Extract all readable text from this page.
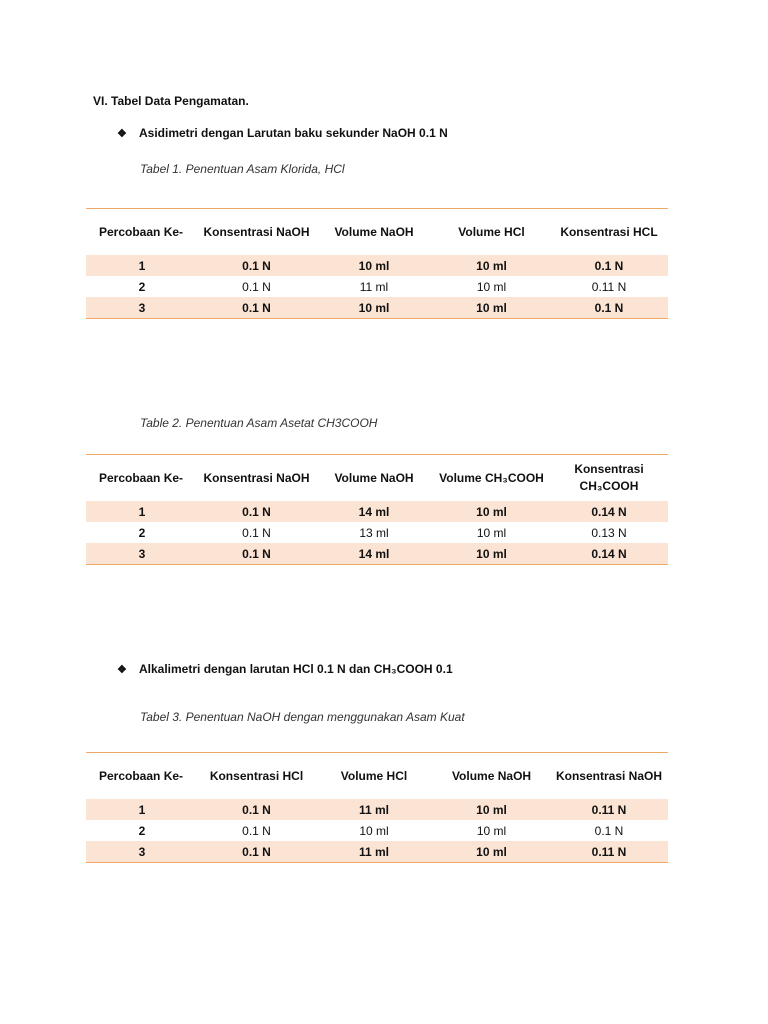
VI. Tabel Data Pengamatan.
❖	Asidimetri dengan Larutan baku sekunder NaOH 0.1 N
Tabel 1. Penentuan Asam Klorida, HCl
Percobaan Ke-	Konsentrasi NaOH	Volume NaOH	Volume HCl	Konsentrasi HCL
1	0.1 N	10 ml	10 ml	0.1 N
2	0.1 N	11 ml	10 ml	0.11 N
3	0.1 N	10 ml	10 ml	0.1 N
Table 2. Penentuan Asam Asetat CH3COOH
Percobaan Ke-	Konsentrasi NaOH	Volume NaOH	Volume CH₃COOH	Konsentrasi CH₃COOH
1	0.1 N	14 ml	10 ml	0.14 N
2	0.1 N	13 ml	10 ml	0.13 N
3	0.1 N	14 ml	10 ml	0.14 N
❖	Alkalimetri dengan larutan HCl 0.1 N dan CH₃COOH 0.1
Tabel 3. Penentuan NaOH dengan menggunakan Asam Kuat
Percobaan Ke-	Konsentrasi HCl	Volume HCl	Volume NaOH	Konsentrasi NaOH
1	0.1 N	11 ml	10 ml	0.11 N
2	0.1 N	10 ml	10 ml	0.1 N
3	0.1 N	11 ml	10 ml	0.11 N
